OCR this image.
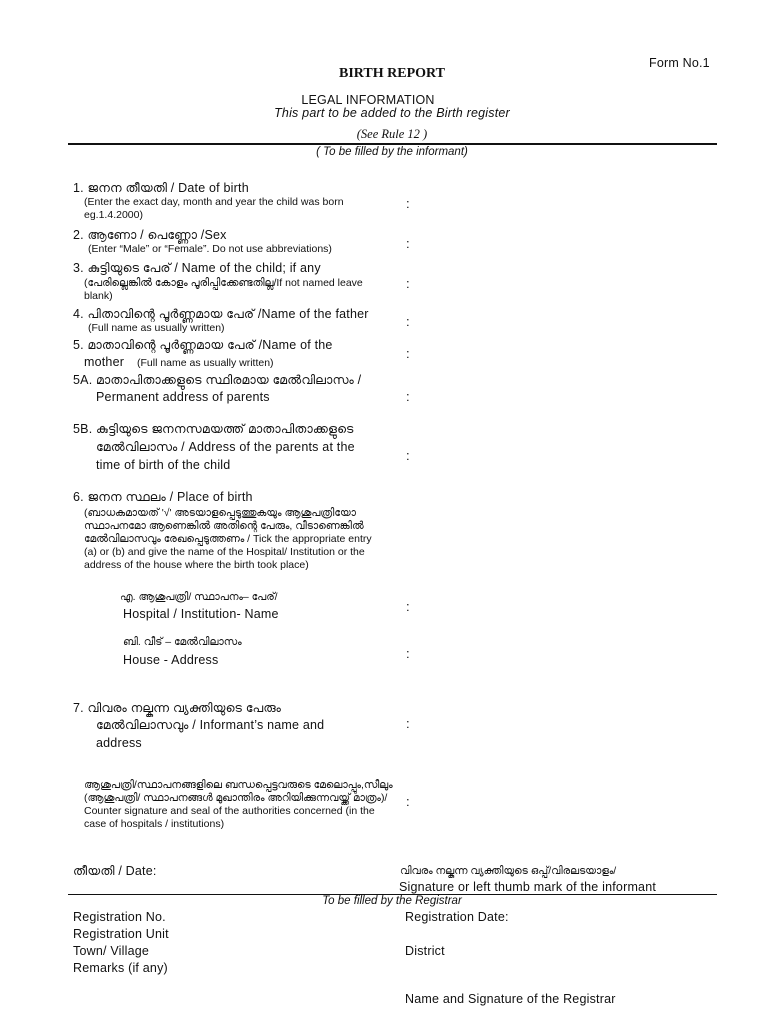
Form No.1
BIRTH REPORT
LEGAL INFORMATION
This part to be added to the Birth register
(See Rule 12 )
( To be filled by the informant)
1. ജനന തീയതി / Date of birth
(Enter the exact day, month and year the child was born eg.1.4.2000)
:
2. ആണോ / പെണ്ണോ /Sex
(Enter “Male” or “Female”. Do not use abbreviations)	:
3. കുട്ടിയുടെ പേര് / Name of the child; if any
(പേരില്ലെങ്കിൽ കോളം പൂരിപ്പിക്കേണ്ടതില്ല/If not named leave blank)
:
4. പിതാവിന്റെ പൂർണ്ണമായ പേര് /Name of the father
(Full name as usually written)	:
5. മാതാവിന്റെ പൂർണ്ണമായ പേര് /Name of the
mother (Full name as usually written)
:
5A. മാതാപിതാക്കളുടെ സ്ഥിരമായ മേൽവിലാസം /
Permanent address of parents	:
5B. കുട്ടിയുടെ ജനനസമയത്ത് മാതാപിതാക്കളുടെ
മേൽവിലാസം / Address of the parents at the
time of birth of the child
:
6. ജനന സ്ഥലം / Place of birth
(ബാധകമായത് '√' അടയാളപ്പെടുത്തുകയും ആശുപത്രിയോ സ്ഥാപനമോ ആണെങ്കിൽ അതിന്റെ പേരും, വീടാണെങ്കിൽ മേൽവിലാസവും രേഖപ്പെടുത്തണം / Tick the appropriate entry (a) or (b) and give the name of the Hospital/ Institution or the address of the house where the birth took place)
എ. ആശുപത്രി/ സ്ഥാപനം– പേര്/
Hospital / Institution- Name	:
ബി. വീട് – മേൽവിലാസം
House - Address	:
7. വിവരം നല്കുന്ന വ്യക്തിയുടെ പേരും
മേൽവിലാസവും / Informant’s name and
address
:
ആശുപത്രി/സ്ഥാപനങ്ങളിലെ ബന്ധപ്പെട്ടവരുടെ മേലൊപ്പും,സീലും (ആശുപത്രി/ സ്ഥാപനങ്ങൾ മുഖാന്തിരം അറിയിക്കുന്നവയ്ക്ക് മാത്രം)/ Counter signature and seal of the authorities concerned (in the case of hospitals / institutions)
:
തീയതി / Date:	വിവരം നല്കുന്ന വ്യക്തിയുടെ ഒപ്പ്/വിരലടയാളം/
Signature or left thumb mark of the informant
To be filled by the Registrar
Registration No.
Registration Unit
Town/ Village
Remarks (if any)
Registration Date:
District
Name and Signature of the Registrar
